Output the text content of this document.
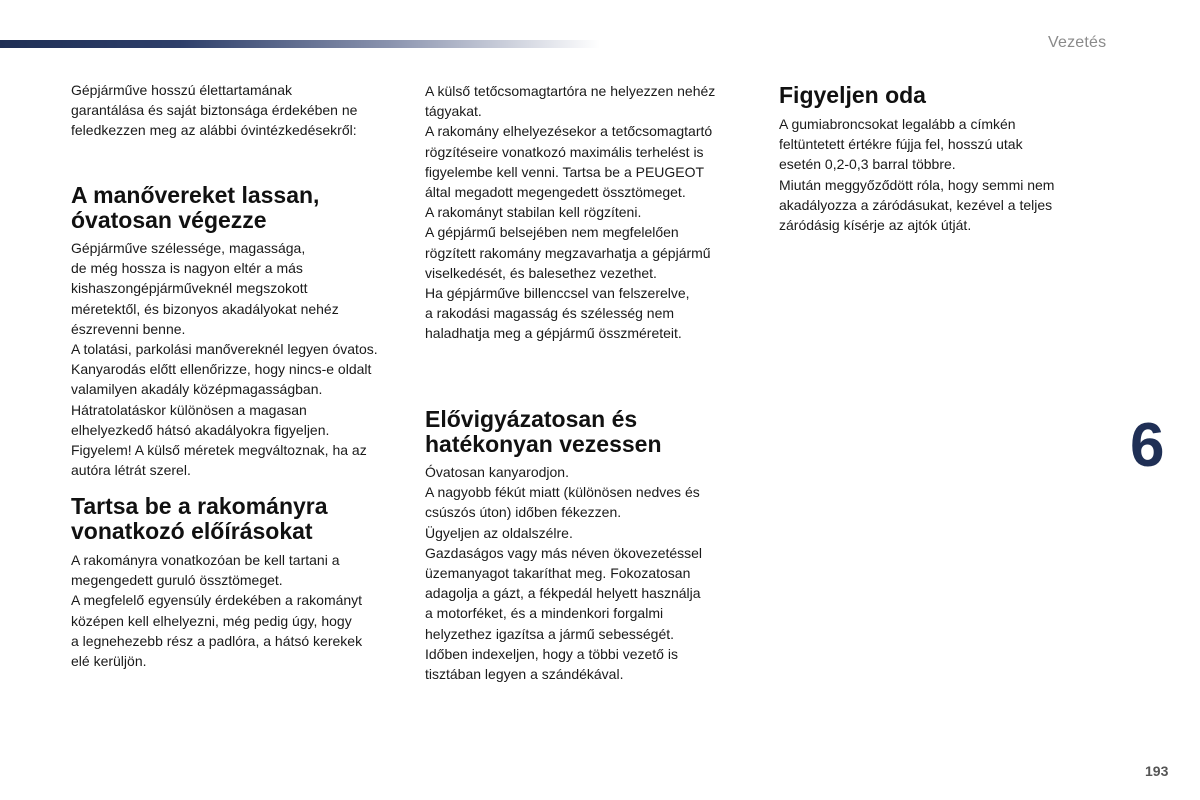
Vezetés

Gépjárműve hosszú élettartamának
garantálása és saját biztonsága érdekében ne
feledkezzen meg az alábbi óvintézkedésekről:

A manővereket lassan,
óvatosan végezze

Gépjárműve szélessége, magassága,
de még hossza is nagyon eltér a más
kishaszongépjárműveknél megszokott
méretektől, és bizonyos akadályokat nehéz
észrevenni benne.
A tolatási, parkolási manővereknél legyen óvatos.
Kanyarodás előtt ellenőrizze, hogy nincs-e oldalt
valamilyen akadály középmagasságban.
Hátratolatáskor különösen a magasan
elhelyezkedő hátsó akadályokra figyeljen.
Figyelem! A külső méretek megváltoznak, ha az
autóra létrát szerel.

Tartsa be a rakományra
vonatkozó előírásokat

A rakományra vonatkozóan be kell tartani a
megengedett guruló össztömeget.
A megfelelő egyensúly érdekében a rakományt
középen kell elhelyezni, még pedig úgy, hogy
a legnehezebb rész a padlóra, a hátsó kerekek
elé kerüljön.

A külső tetőcsomagtartóra ne helyezzen nehéz
tágyakat.
A rakomány elhelyezésekor a tetőcsomagtartó
rögzítéseire vonatkozó maximális terhelést is
figyelembe kell venni. Tartsa be a PEUGEOT
által megadott megengedett össztömeget.
A rakományt stabilan kell rögzíteni.
A gépjármű belsejében nem megfelelően
rögzített rakomány megzavarhatja a gépjármű
viselkedését, és balesethez vezethet.
Ha gépjárműve billenccsel van felszerelve,
a rakodási magasság és szélesség nem
haladhatja meg a gépjármű összméreteit.

Elővigyázatosan és
hatékonyan vezessen

Óvatosan kanyarodjon.
A nagyobb fékút miatt (különösen nedves és
csúszós úton) időben fékezzen.
Ügyeljen az oldalszélre.
Gazdaságos vagy más néven ökovezetéssel
üzemanyagot takaríthat meg. Fokozatosan
adagolja a gázt, a fékpedál helyett használja
a motorféket, és a mindenkori forgalmi
helyzethez igazítsa a jármű sebességét.
Időben indexeljen, hogy a többi vezető is
tisztában legyen a szándékával.

Figyeljen oda

A gumiabroncsokat legalább a címkén
feltüntetett értékre fújja fel, hosszú utak
esetén 0,2-0,3 barral többre.
Miután meggyőződött róla, hogy semmi nem
akadályozza a záródásukat, kezével a teljes
záródásig kísérje az ajtók útját.

6
193
